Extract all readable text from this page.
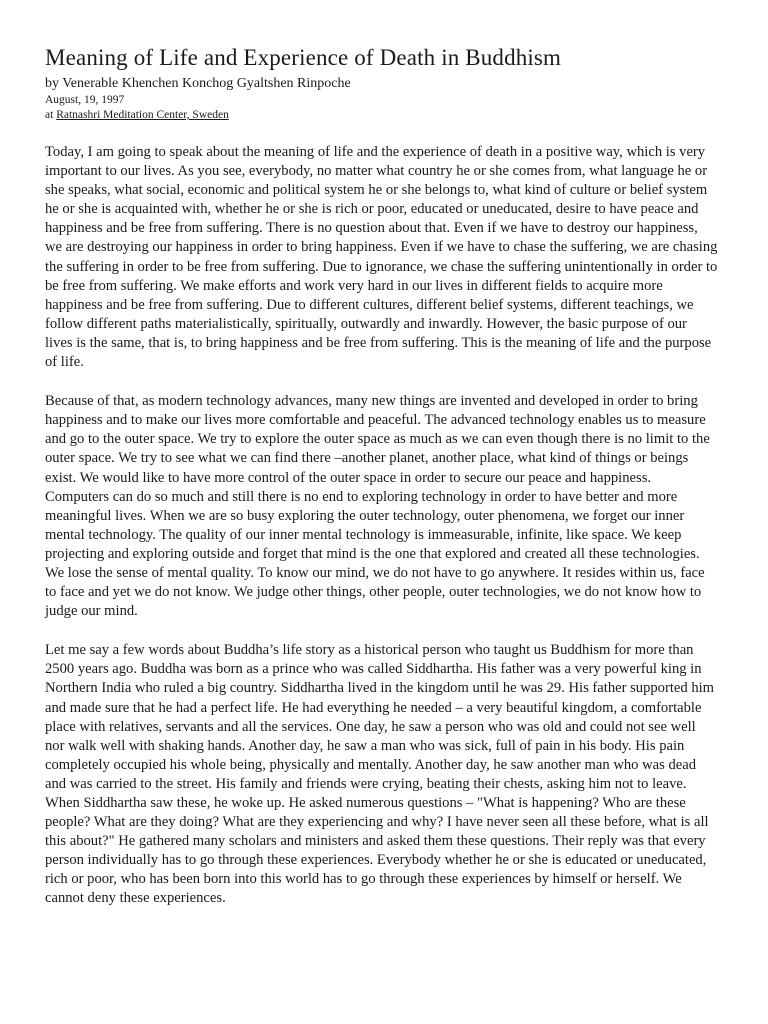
Meaning of Life and Experience of Death in Buddhism

by Venerable Khenchen Konchog Gyaltshen Rinpoche

August, 19, 1997

at Ratnashri Meditation Center, Sweden

Today, I am going to speak about the meaning of life and the experience of death in a positive way, which is very important to our lives. As you see, everybody, no matter what country he or she comes from, what language he or she speaks, what social, economic and political system he or she belongs to, what kind of culture or belief system he or she is acquainted with, whether he or she is rich or poor, educated or uneducated, desire to have peace and happiness and be free from suffering. There is no question about that. Even if we have to destroy our happiness, we are destroying our happiness in order to bring happiness. Even if we have to chase the suffering, we are chasing the suffering in order to be free from suffering. Due to ignorance, we chase the suffering unintentionally in order to be free from suffering. We make efforts and work very hard in our lives in different fields to acquire more happiness and be free from suffering. Due to different cultures, different belief systems, different teachings, we follow different paths materialistically, spiritually, outwardly and inwardly. However, the basic purpose of our lives is the same, that is, to bring happiness and be free from suffering. This is the meaning of life and the purpose of life.

Because of that, as modern technology advances, many new things are invented and developed in order to bring happiness and to make our lives more comfortable and peaceful. The advanced technology enables us to measure and go to the outer space. We try to explore the outer space as much as we can even though there is no limit to the outer space. We try to see what we can find there –another planet, another place, what kind of things or beings exist. We would like to have more control of the outer space in order to secure our peace and happiness. Computers can do so much and still there is no end to exploring technology in order to have better and more meaningful lives. When we are so busy exploring the outer technology, outer phenomena, we forget our inner mental technology. The quality of our inner mental technology is immeasurable, infinite, like space. We keep projecting and exploring outside and forget that mind is the one that explored and created all these technologies. We lose the sense of mental quality. To know our mind, we do not have to go anywhere. It resides within us, face to face and yet we do not know. We judge other things, other people, outer technologies, we do not know how to judge our mind.

Let me say a few words about Buddha’s life story as a historical person who taught us Buddhism for more than 2500 years ago. Buddha was born as a prince who was called Siddhartha. His father was a very powerful king in Northern India who ruled a big country. Siddhartha lived in the kingdom until he was 29. His father supported him and made sure that he had a perfect life. He had everything he needed – a very beautiful kingdom, a comfortable place with relatives, servants and all the services. One day, he saw a person who was old and could not see well nor walk well with shaking hands. Another day, he saw a man who was sick, full of pain in his body. His pain completely occupied his whole being, physically and mentally. Another day, he saw another man who was dead and was carried to the street. His family and friends were crying, beating their chests, asking him not to leave. When Siddhartha saw these, he woke up. He asked numerous questions – "What is happening? Who are these people? What are they doing? What are they experiencing and why? I have never seen all these before, what is all this about?" He gathered many scholars and ministers and asked them these questions. Their reply was that every person individually has to go through these experiences. Everybody whether he or she is educated or uneducated, rich or poor, who has been born into this world has to go through these experiences by himself or herself. We cannot deny these experiences.
